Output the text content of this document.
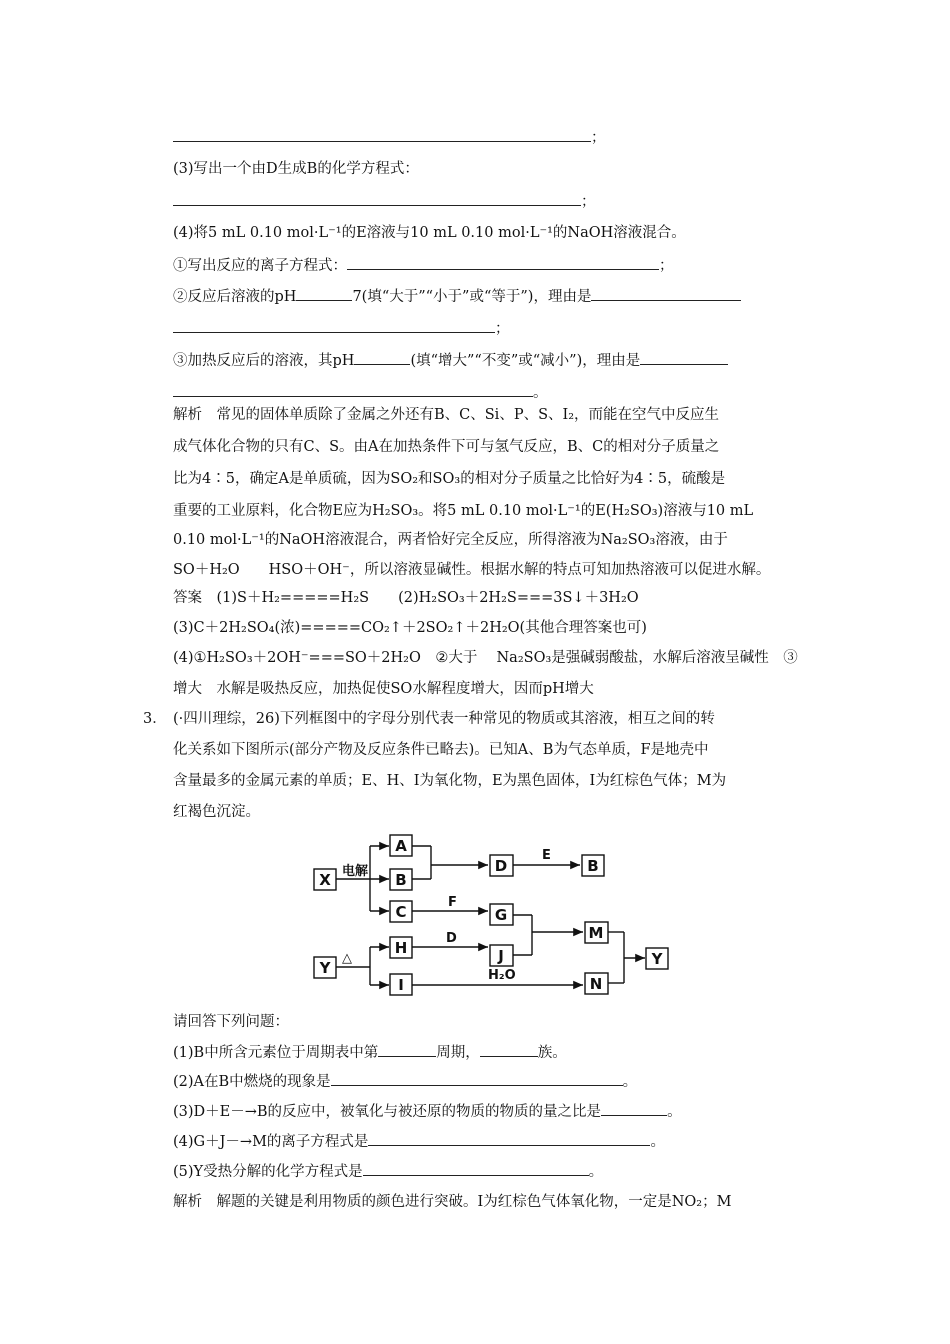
；
(3)写出一个由D生成B的化学方程式：
；
(4)将5 mL 0.10 mol·L⁻¹的E溶液与10 mL 0.10 mol·L⁻¹的NaOH溶液混合。
①写出反应的离子方程式：	；
②反应后溶液的pH	7(填“大于”“小于”或“等于”)，理由是
；
③加热反应后的溶液，其pH	(填“增大”“不变”或“减小”)，理由是
。
解析　常见的固体单质除了金属之外还有B、C、Si、P、S、I₂，而能在空气中反应生
成气体化合物的只有C、S。由A在加热条件下可与氢气反应，B、C的相对分子质量之
比为4∶5，确定A是单质硫，因为SO₂和SO₃的相对分子质量之比恰好为4∶5，硫酸是
重要的工业原料，化合物E应为H₂SO₃。将5 mL 0.10 mol·L⁻¹的E(H₂SO₃)溶液与10 mL
0.10 mol·L⁻¹的NaOH溶液混合，两者恰好完全反应，所得溶液为Na₂SO₃溶液，由于
SO＋H₂O　　HSO＋OH⁻，所以溶液显碱性。根据水解的特点可知加热溶液可以促进水解。
答案　(1)S＋H₂=====H₂S　　(2)H₂SO₃＋2H₂S===3S↓＋3H₂O
(3)C＋2H₂SO₄(浓)=====CO₂↑＋2SO₂↑＋2H₂O(其他合理答案也可)
(4)①H₂SO₃＋2OH⁻===SO＋2H₂O　②大于　 Na₂SO₃是强碱弱酸盐，水解后溶液呈碱性　③
增大　水解是吸热反应，加热促使SO水解程度增大，因而pH增大
3． (·四川理综，26)下列框图中的字母分别代表一种常见的物质或其溶液，相互之间的转
化关系如下图所示(部分产物及反应条件已略去)。已知A、B为气态单质，F是地壳中
含量最多的金属元素的单质；E、H、I为氧化物，E为黑色固体，I为红棕色气体；M为
红褐色沉淀。
X
A
B
D	B
C	G
M
Y
H	J
I	N
Y
电解
E
F
D
H₂O
△
请回答下列问题：
(1)B中所含元素位于周期表中第	周期，	族。
(2)A在B中燃烧的现象是	。
(3)D＋E－→B的反应中，被氧化与被还原的物质的物质的量之比是	。
(4)G＋J－→M的离子方程式是	。
(5)Y受热分解的化学方程式是	。
解析　解题的关键是利用物质的颜色进行突破。I为红棕色气体氧化物，一定是NO₂；M
